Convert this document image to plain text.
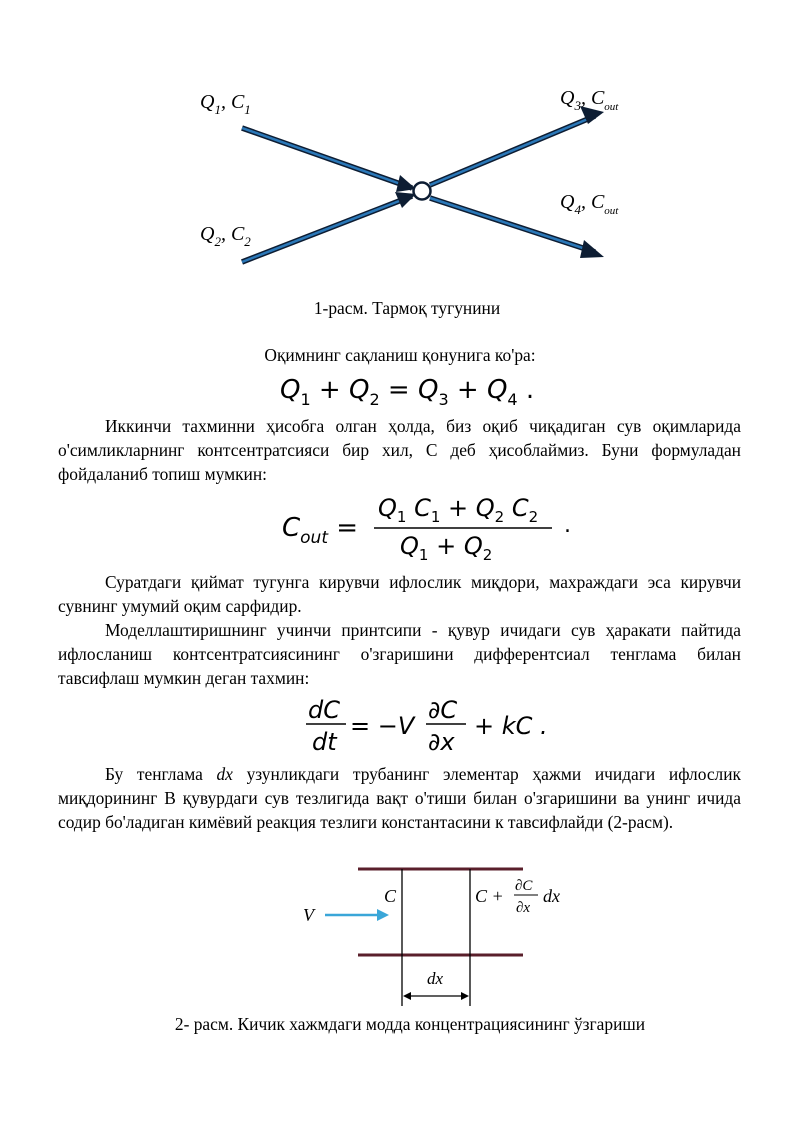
$Q_1$, $C_1$
$Q_2$, $C_2$
$Q_3$, $C_{out}$
$Q_4$, $C_{out}$
1-расм. Тармоқ тугунини
Оқимнинг сақланиш қонунига ко'ра:
$Q_1 + Q_2 = Q_3 + Q_4$ .
Иккинчи тахминни ҳисобга олган ҳолда, биз оқиб чиқадиган сув оқимларида о'симликларнинг контсентратсияси бир хил, C деб ҳисоблаймиз. Буни формуладан фойдаланиб топиш мумкин:
$C_{out}$ =
$Q_1$ $C_1 + Q_2$ $C_2$
$Q_1 + Q_2$
.
Суратдаги қиймат тугунга кирувчи ифлослик миқдори, махраждаги эса кирувчи сувнинг умумий оқим сарфидир.
Моделлаштиришнинг учинчи принтсипи - қувур ичидаги сув ҳаракати пайтида ифлосланиш контсентратсиясининг о'згаришини дифферентсиал тенглама билан тавсифлаш мумкин деган тахмин:
dC
dt
= −V
∂C
∂x
+ kC .
Бу тенглама dx узунликдаги трубанинг элементар ҳажми ичидаги ифлослик миқдорининг В қувурдаги сув тезлигида вақт о'тиши билан о'згаришини ва унинг ичида содир бо'ладиган кимёвий реакция тезлиги константасини к тавсифлайди (2-расм).
V
C	C + ∂C
∂x
dx
dx
2- расм. Кичик хажмдаги модда концентрациясининг ўзгариши
